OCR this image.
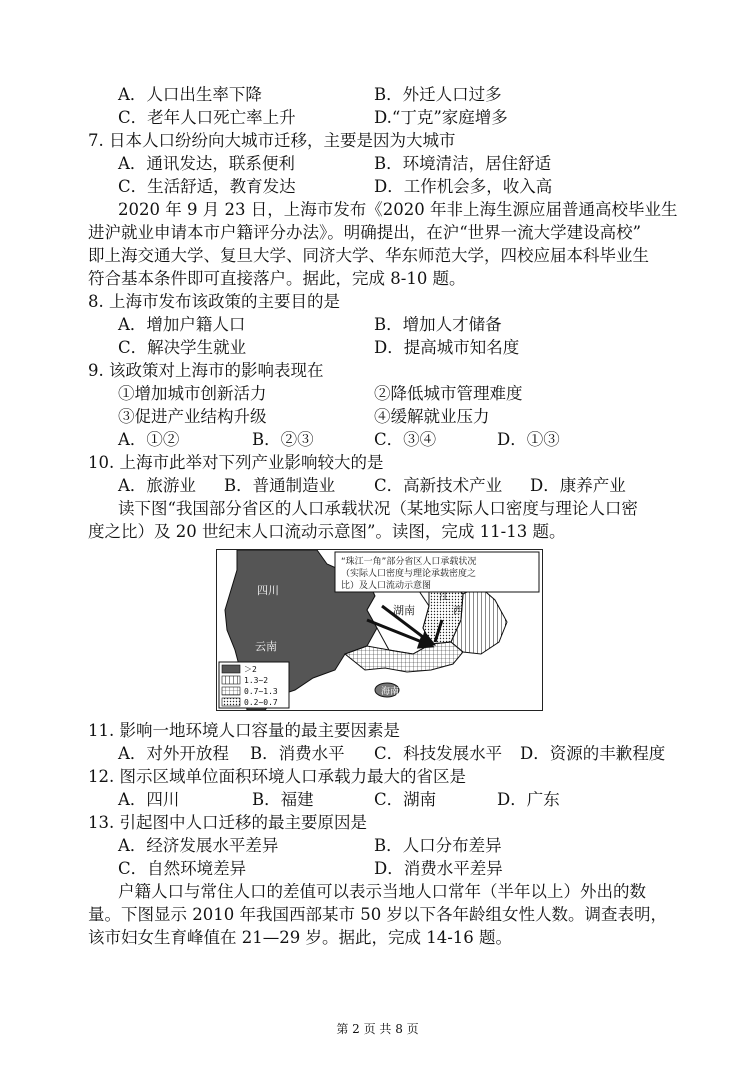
A．人口出生率下降	B．外迁人口过多
C．老年人口死亡率上升	D.“丁克”家庭增多
7. 日本人口纷纷向大城市迁移，主要是因为大城市
A．通讯发达，联系便利	B．环境清洁，居住舒适
C．生活舒适，教育发达	D．工作机会多，收入高
2020 年 9 月 23 日，上海市发布《2020 年非上海生源应届普通高校毕业生
进沪就业申请本市户籍评分办法》。明确提出，在沪“世界一流大学建设高校”
即上海交通大学、复旦大学、同济大学、华东师范大学，四校应届本科毕业生
符合基本条件即可直接落户。据此，完成 8-10 题。
8. 上海市发布该政策的主要目的是
A．增加户籍人口	B．增加人才储备
C．解决学生就业	D．提高城市知名度
9. 该政策对上海市的影响表现在
①增加城市创新活力	②降低城市管理难度
③促进产业结构升级	④缓解就业压力
A．①②	B．②③	C．③④	D．①③
10. 上海市此举对下列产业影响较大的是
A．旅游业 B．普通制造业 C．高新技术产业 D．康养产业
读下图“我国部分省区的人口承载状况（某地实际人口密度与理论人口密
度之比）及 20 世纪末人口流动示意图”。读图，完成 11-13 题。
四川
云南
湖南
江
西
海南
“珠江一角”部分省区人口承载状况
（实际人口密度与理论承载密度之
比）及人口流动示意图
＞2
1.3~2
0.7~1.3
0.2~0.7
11. 影响一地环境人口容量的最主要因素是
A．对外开放程 B．消费水平 C．科技发展水平 D．资源的丰歉程度
12. 图示区域单位面积环境人口承载力最大的省区是
A．四川	B．福建	C．湖南	D．广东
13. 引起图中人口迁移的最主要原因是
A．经济发展水平差异	B．人口分布差异
C．自然环境差异	D．消费水平差异
户籍人口与常住人口的差值可以表示当地人口常年（半年以上）外出的数
量。下图显示 2010 年我国西部某市 50 岁以下各年龄组女性人数。调查表明，
该市妇女生育峰值在 21—29 岁。据此，完成 14-16 题。
第 2 页 共 8 页
